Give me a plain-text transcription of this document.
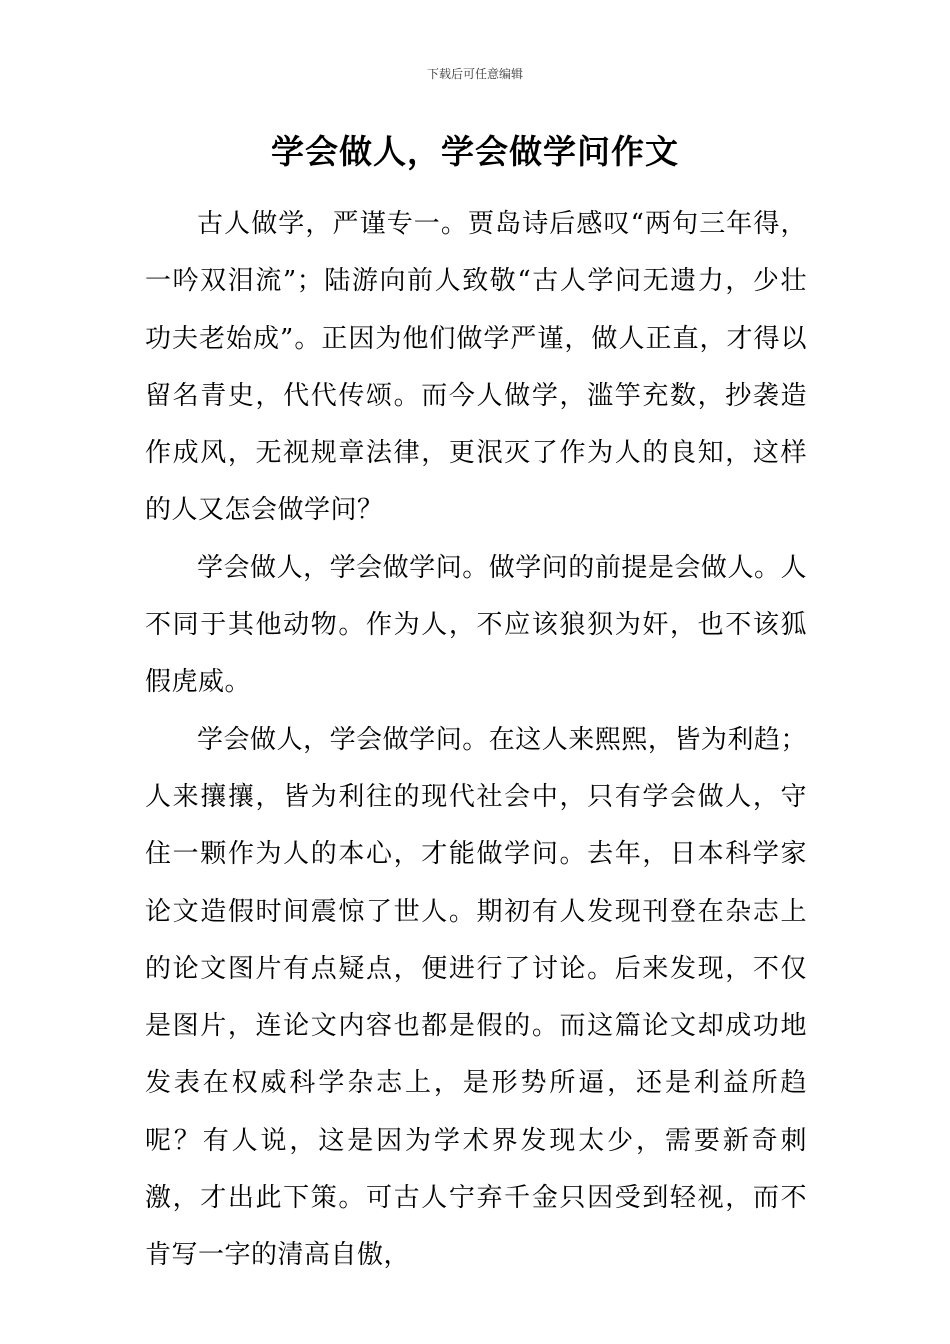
下载后可任意编辑
学会做人，学会做学问作文

古人做学，严谨专一。贾岛诗后感叹“两句三年得，一吟双泪流”；陆游向前人致敬“古人学问无遗力，少壮功夫老始成”。正因为他们做学严谨，做人正直，才得以留名青史，代代传颂。而今人做学，滥竽充数，抄袭造作成风，无视规章法律，更泯灭了作为人的良知，这样的人又怎会做学问？

学会做人，学会做学问。做学问的前提是会做人。人不同于其他动物。作为人，不应该狼狈为奸，也不该狐假虎威。

学会做人，学会做学问。在这人来熙熙，皆为利趋；人来攘攘，皆为利往的现代社会中，只有学会做人，守住一颗作为人的本心，才能做学问。去年，日本科学家论文造假时间震惊了世人。期初有人发现刊登在杂志上的论文图片有点疑点，便进行了讨论。后来发现，不仅是图片，连论文内容也都是假的。而这篇论文却成功地发表在权威科学杂志上，是形势所逼，还是利益所趋呢？有人说，这是因为学术界发现太少，需要新奇刺激，才出此下策。可古人宁弃千金只因受到轻视，而不肯写一字的清高自傲，
